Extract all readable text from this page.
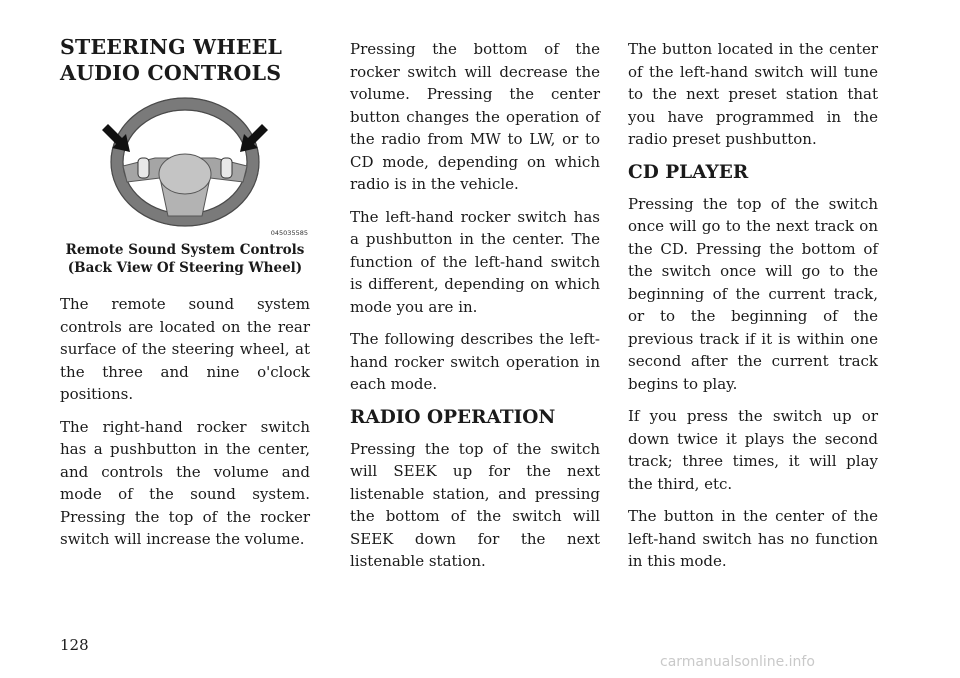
STEERING WHEEL AUDIO CONTROLS
045035585
Remote Sound System Controls
(Back View Of Steering Wheel)

The remote sound system controls are located on the rear surface of the steering wheel, at the three and nine o'clock positions.

The right-hand rocker switch has a pushbutton in the center, and controls the volume and mode of the sound system. Pressing the top of the rocker switch will increase the volume.

Pressing the bottom of the rocker switch will decrease the volume. Pressing the center button changes the operation of the radio from MW to LW, or to CD mode, depending on which radio is in the vehicle.

The left-hand rocker switch has a pushbutton in the center. The function of the left-hand switch is different, depending on which mode you are in.

The following describes the left-hand rocker switch operation in each mode.

RADIO OPERATION

Pressing the top of the switch will SEEK up for the next listenable station, and pressing the bottom of the switch will SEEK down for the next listenable station.

The button located in the center of the left-hand switch will tune to the next preset station that you have programmed in the radio preset pushbutton.

CD PLAYER

Pressing the top of the switch once will go to the next track on the CD. Pressing the bottom of the switch once will go to the beginning of the current track, or to the beginning of the previous track if it is within one second after the current track begins to play.

If you press the switch up or down twice it plays the second track; three times, it will play the third, etc.

The button in the center of the left-hand switch has no function in this mode.

128
carmanualsonline.info
